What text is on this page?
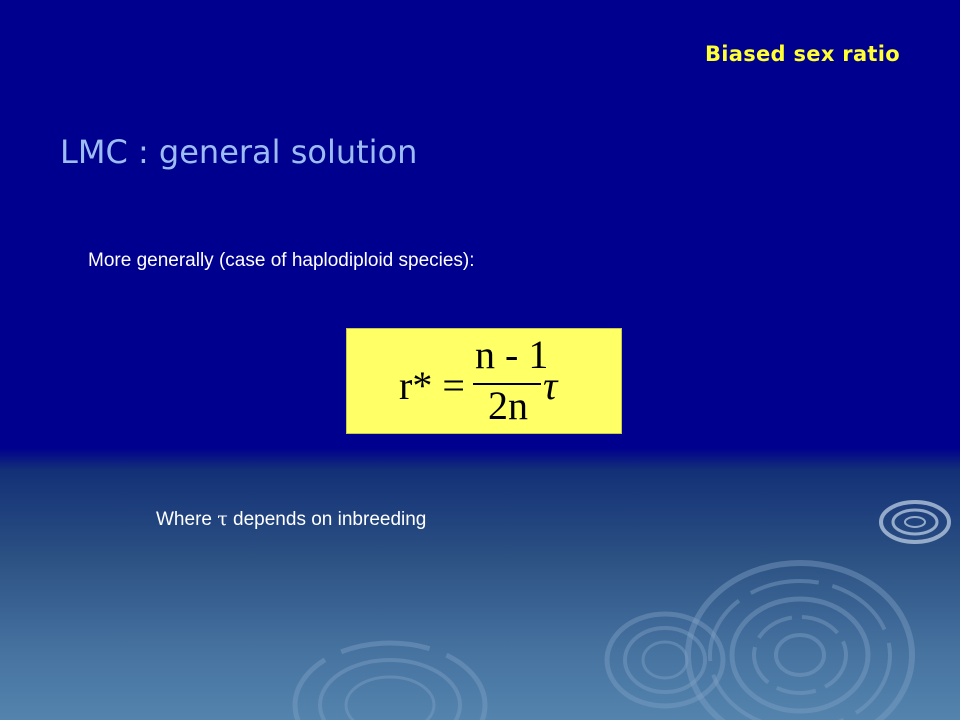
Biased sex ratio
LMC : general solution
More generally (case of haplodiploid species):
r* =
n - 1
2n τ
Where τ depends on inbreeding
